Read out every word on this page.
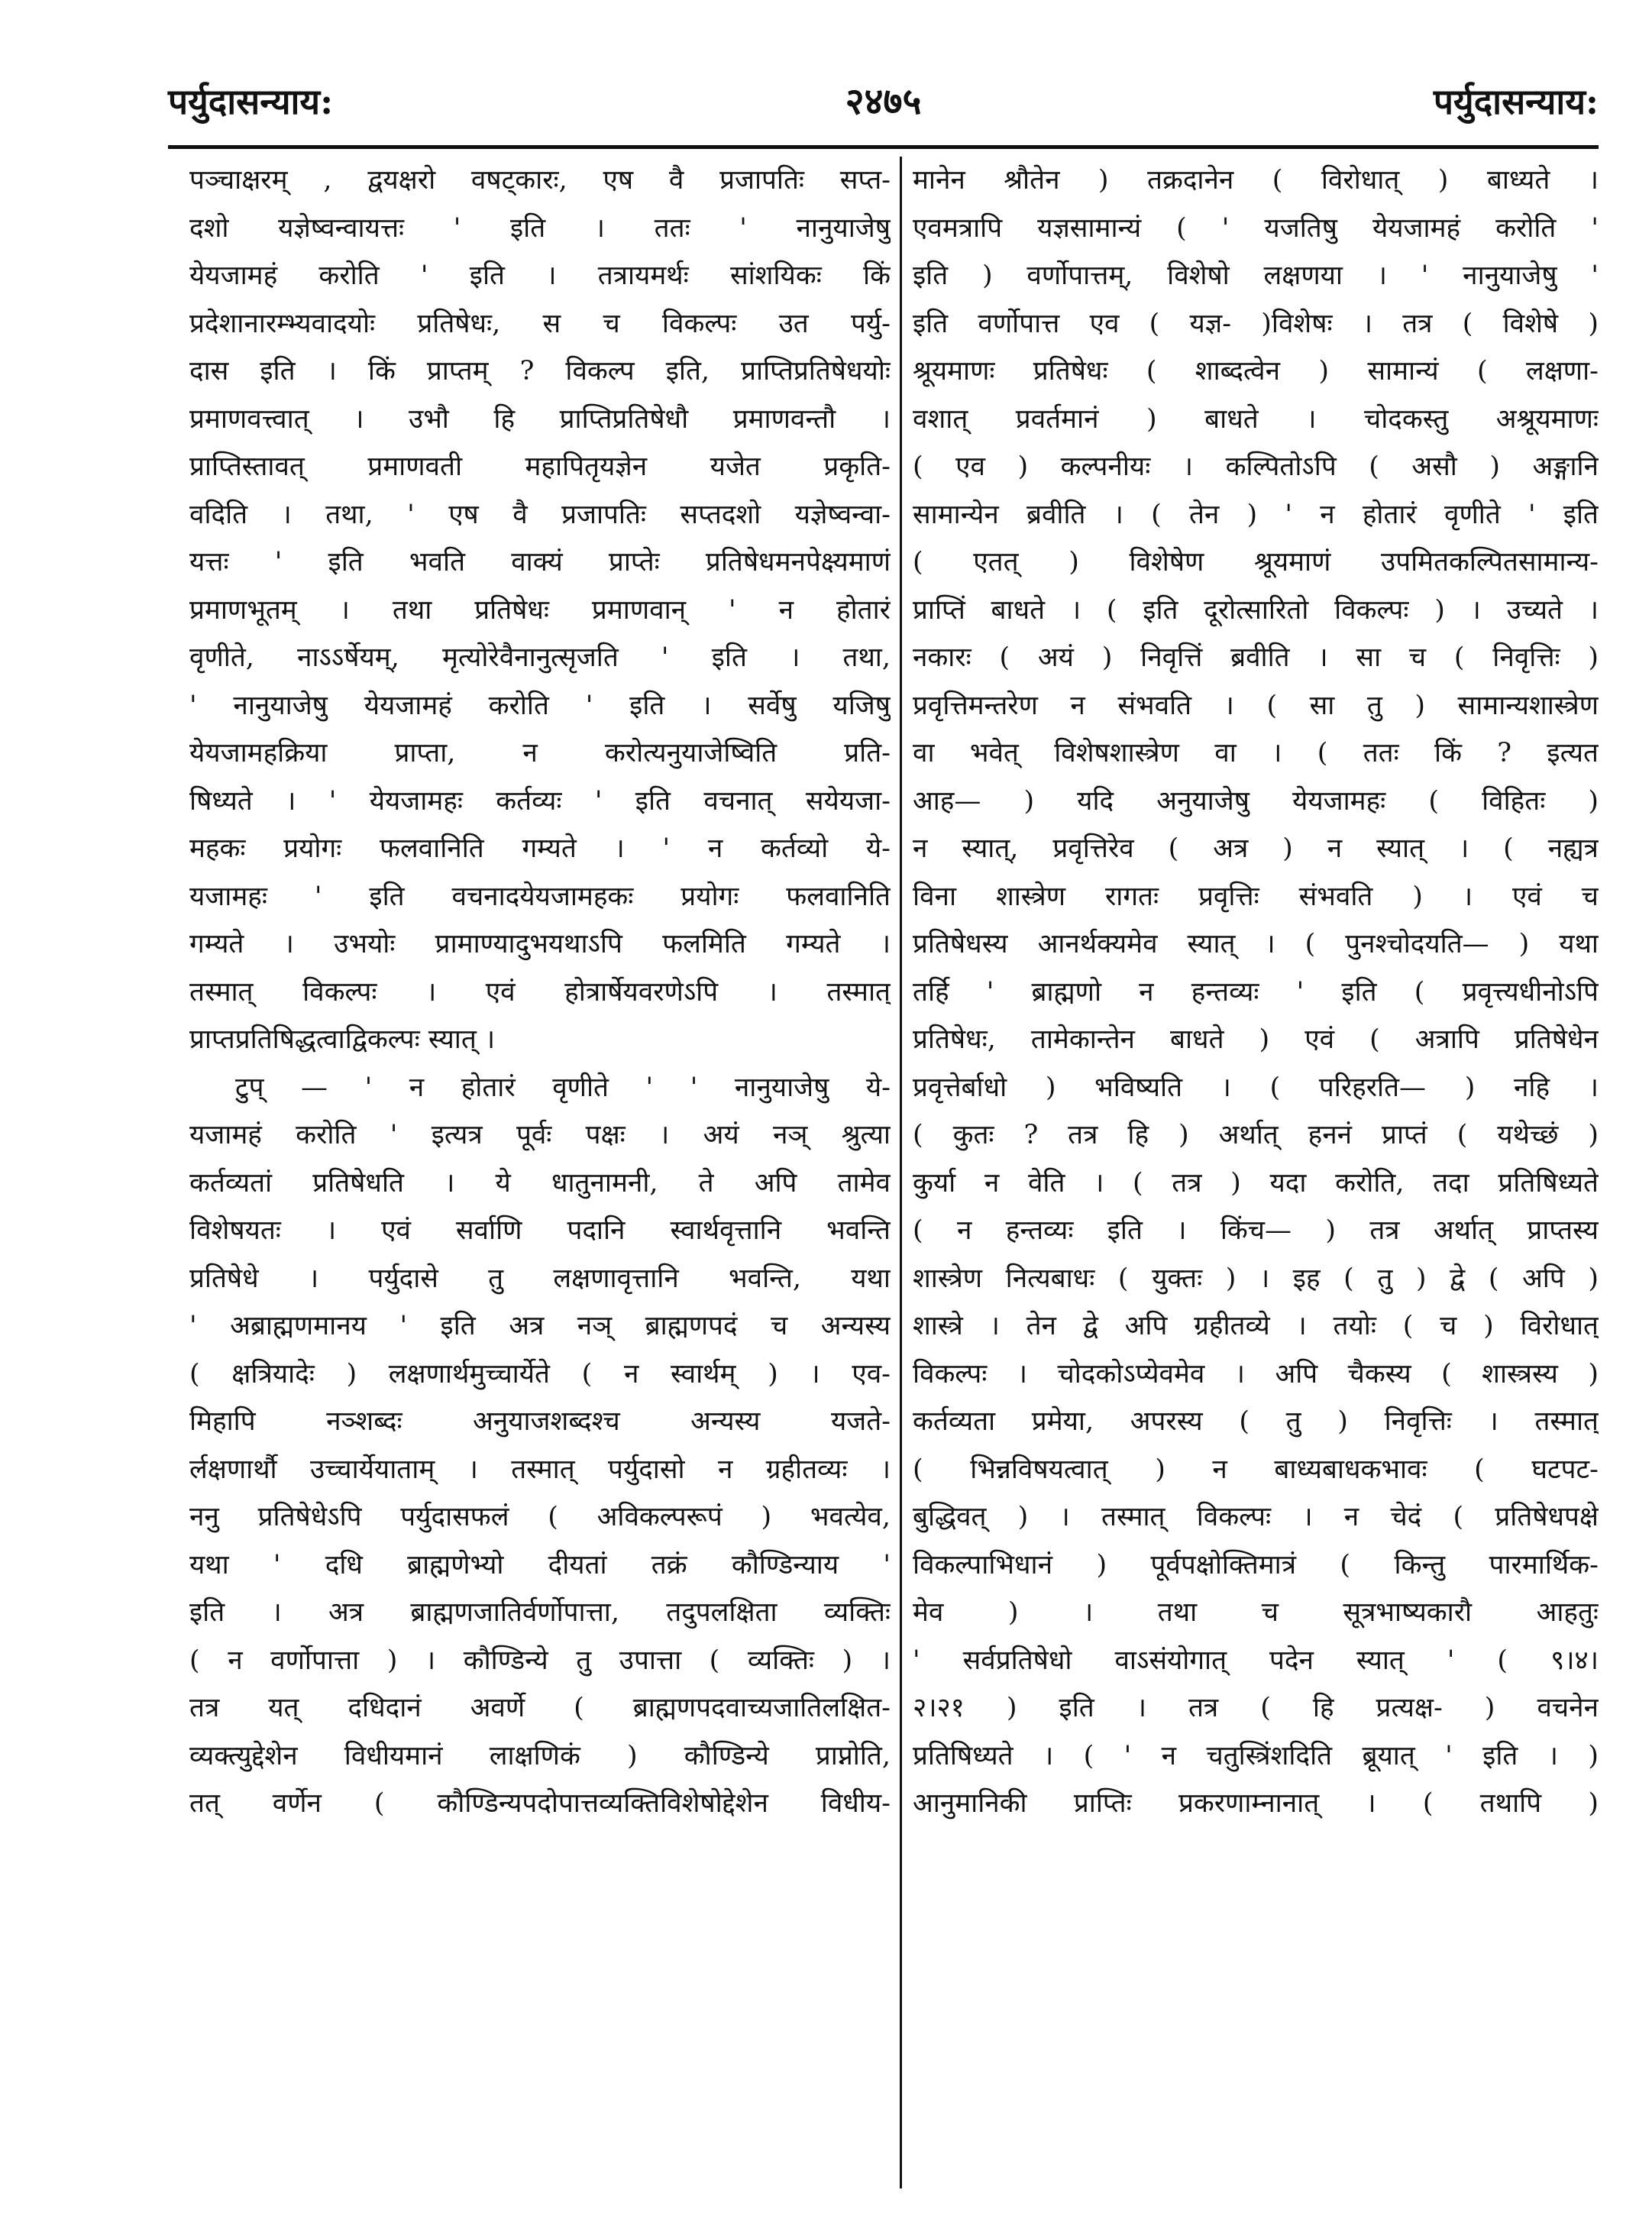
पर्युदासन्याय:	२४७५	पर्युदासन्याय:
पञ्चाक्षरम् , द्वयक्षरो वषट्कारः, एष वै प्रजापतिः सप्त-
दशो यज्ञेष्वन्वायत्तः ' इति । ततः ' नानुयाजेषु
येयजामहं करोति ' इति । तत्रायमर्थः सांशयिकः किं
प्रदेशानारम्भ्यवादयोः प्रतिषेधः, स च विकल्पः उत पर्यु-
दास इति । किं प्राप्तम् ? विकल्प इति, प्राप्तिप्रतिषेधयोः
प्रमाणवत्त्वात् । उभौ हि प्राप्तिप्रतिषेधौ प्रमाणवन्तौ ।
प्राप्तिस्तावत् प्रमाणवती महापितृयज्ञेन यजेत प्रकृति-
वदिति । तथा, ' एष वै प्रजापतिः सप्तदशो यज्ञेष्वन्वा-
यत्तः ' इति भवति वाक्यं प्राप्तेः प्रतिषेधमनपेक्ष्यमाणं
प्रमाणभूतम् । तथा प्रतिषेधः प्रमाणवान् ' न होतारं
वृणीते, नाऽऽर्षेयम्, मृत्योरेवैनानुत्सृजति ' इति । तथा,
' नानुयाजेषु येयजामहं करोति ' इति । सर्वेषु यजिषु
येयजामहक्रिया प्राप्ता, न करोत्यनुयाजेष्विति प्रति-
षिध्यते । ' येयजामहः कर्तव्यः ' इति वचनात् सयेयजा-
महकः प्रयोगः फलवानिति गम्यते । ' न कर्तव्यो ये-
यजामहः ' इति वचनादयेयजामहकः प्रयोगः फलवानिति
गम्यते । उभयोः प्रामाण्यादुभयथाऽपि फलमिति गम्यते ।
तस्मात् विकल्पः । एवं होत्रार्षेयवरणेऽपि । तस्मात्
प्राप्तप्रतिषिद्धत्वाद्विकल्पः स्यात् ।
टुप् — ' न होतारं वृणीते ' ' नानुयाजेषु ये-
यजामहं करोति ' इत्यत्र पूर्वः पक्षः । अयं नञ् श्रुत्या
कर्तव्यतां प्रतिषेधति । ये धातुनामनी, ते अपि तामेव
विशेषयतः । एवं सर्वाणि पदानि स्वार्थवृत्तानि भवन्ति
प्रतिषेधे । पर्युदासे तु लक्षणावृत्तानि भवन्ति, यथा
' अब्राह्मणमानय ' इति अत्र नञ् ब्राह्मणपदं च अन्यस्य
( क्षत्रियादेः ) लक्षणार्थमुच्चार्येते ( न स्वार्थम् ) । एव-
मिहापि नञ्शब्दः अनुयाजशब्दश्च अन्यस्य यजते-
र्लक्षणार्थौ उच्चार्येयाताम् । तस्मात् पर्युदासो न ग्रहीतव्यः ।
ननु प्रतिषेधेऽपि पर्युदासफलं ( अविकल्परूपं ) भवत्येव,
यथा ' दधि ब्राह्मणेभ्यो दीयतां तक्रं कौण्डिन्याय '
इति । अत्र ब्राह्मणजातिर्वर्णोपात्ता, तदुपलक्षिता व्यक्तिः
( न वर्णोपात्ता ) । कौण्डिन्ये तु उपात्ता ( व्यक्तिः ) ।
तत्र यत् दधिदानं अवर्णे ( ब्राह्मणपदवाच्यजातिलक्षित-
व्यक्त्युद्देशेन विधीयमानं लाक्षणिकं ) कौण्डिन्ये प्राप्नोति,
तत् वर्णेन ( कौण्डिन्यपदोपात्तव्यक्तिविशेषोद्देशेन विधीय-
मानेन श्रौतेन ) तक्रदानेन ( विरोधात् ) बाध्यते ।
एवमत्रापि यज्ञसामान्यं ( ' यजतिषु येयजामहं करोति '
इति ) वर्णोपात्तम्, विशेषो लक्षणया । ' नानुयाजेषु '
इति वर्णोपात्त एव ( यज्ञ- )विशेषः । तत्र ( विशेषे )
श्रूयमाणः प्रतिषेधः ( शाब्दत्वेन ) सामान्यं ( लक्षणा-
वशात् प्रवर्तमानं ) बाधते । चोदकस्तु अश्रूयमाणः
( एव ) कल्पनीयः । कल्पितोऽपि ( असौ ) अङ्गानि
सामान्येन ब्रवीति । ( तेन ) ' न होतारं वृणीते ' इति
( एतत् ) विशेषेण श्रूयमाणं उपमितकल्पितसामान्य-
प्राप्तिं बाधते । ( इति दूरोत्सारितो विकल्पः ) । उच्यते ।
नकारः ( अयं ) निवृत्तिं ब्रवीति । सा च ( निवृत्तिः )
प्रवृत्तिमन्तरेण न संभवति । ( सा तु ) सामान्यशास्त्रेण
वा भवेत् विशेषशास्त्रेण वा । ( ततः किं ? इत्यत
आह— ) यदि अनुयाजेषु येयजामहः ( विहितः )
न स्यात्, प्रवृत्तिरेव ( अत्र ) न स्यात् । ( नह्यत्र
विना शास्त्रेण रागतः प्रवृत्तिः संभवति ) । एवं च
प्रतिषेधस्य आनर्थक्यमेव स्यात् । ( पुनश्चोदयति— ) यथा
तर्हि ' ब्राह्मणो न हन्तव्यः ' इति ( प्रवृत्त्यधीनोऽपि
प्रतिषेधः, तामेकान्तेन बाधते ) एवं ( अत्रापि प्रतिषेधेन
प्रवृत्तेर्बाधो ) भविष्यति । ( परिहरति— ) नहि ।
( कुतः ? तत्र हि ) अर्थात् हननं प्राप्तं ( यथेच्छं )
कुर्या न वेति । ( तत्र ) यदा करोति, तदा प्रतिषिध्यते
( न हन्तव्यः इति । किंच— ) तत्र अर्थात् प्राप्तस्य
शास्त्रेण नित्यबाधः ( युक्तः ) । इह ( तु ) द्वे ( अपि )
शास्त्रे । तेन द्वे अपि ग्रहीतव्ये । तयोः ( च ) विरोधात्
विकल्पः । चोदकोऽप्येवमेव । अपि चैकस्य ( शास्त्रस्य )
कर्तव्यता प्रमेया, अपरस्य ( तु ) निवृत्तिः । तस्मात्
( भिन्नविषयत्वात् ) न बाध्यबाधकभावः ( घटपट-
बुद्धिवत् ) । तस्मात् विकल्पः । न चेदं ( प्रतिषेधपक्षे
विकल्पाभिधानं ) पूर्वपक्षोक्तिमात्रं ( किन्तु पारमार्थिक-
मेव ) । तथा च सूत्रभाष्यकारौ आहतुः
' सर्वप्रतिषेधो वाऽसंयोगात् पदेन स्यात् ' ( ९।४।
२।२१ ) इति । तत्र ( हि प्रत्यक्ष- ) वचनेन
प्रतिषिध्यते । ( ' न चतुस्त्रिंशदिति ब्रूयात् ' इति । )
आनुमानिकी प्राप्तिः प्रकरणाम्नानात् । ( तथापि )
